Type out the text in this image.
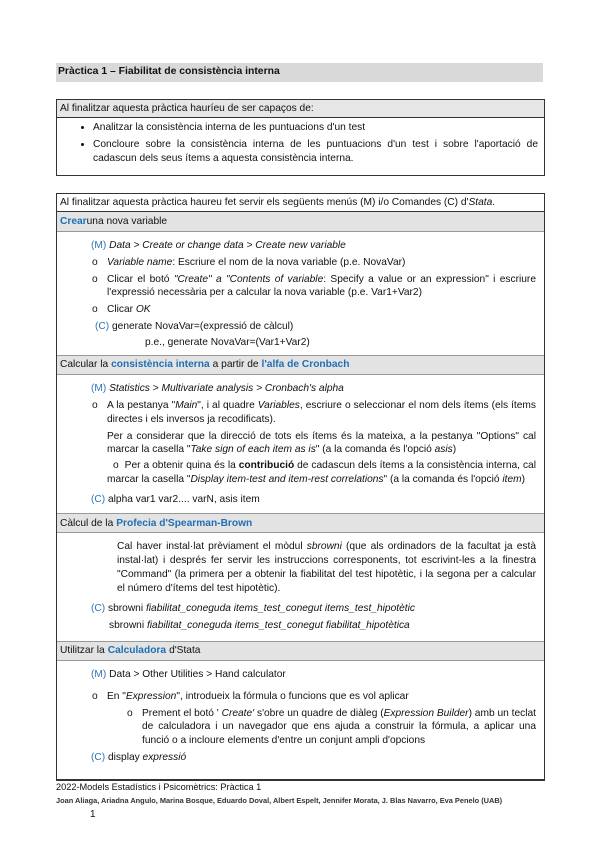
Pràctica 1 – Fiabilitat de consistència interna
Al finalitzar aquesta pràctica hauríeu de ser capaços de:
• Analitzar la consistència interna de les puntuacions d'un test
• Concloure sobre la consistència interna de les puntuacions d'un test i sobre l'aportació de cadascun dels seus ítems a aquesta consistència interna.
Al finalitzar aquesta pràctica haureu fet servir els següents menús (M) i/o Comandes (C) d' Stata .
Crear una nova variable
(M) Data > Create or change data > Create new variable
o Variable name: Escriure el nom de la nova variable (p.e. NovaVar)
o Clicar el botó "Create" a "Contents of variable: Specify a value or an expression" i escriure l'expressió necessària per a calcular la nova variable (p.e. Var1+Var2)
o Clicar OK
(C) generate NovaVar=(expressió de càlcul)
p.e., generate NovaVar=(Var1+Var2)
Calcular la consistència interna a partir de l'alfa de Cronbach
(M) Statistics > Multivariate analysis > Cronbach's alpha
o A la pestanya "Main", i al quadre Variables, escriure o seleccionar el nom dels ítems (els ítems directes i els inversos ja recodificats).
Per a considerar que la direcció de tots els ítems és la mateixa, a la pestanya "Options" cal marcar la casella "Take sign of each item as is" (a la comanda és l'opció asis)
o Per a obtenir quina és la contribució de cadascun dels ítems a la consistència interna, cal marcar la casella "Display item-test and item-rest correlations" (a la comanda és l'opció item)
(C) alpha var1 var2.... varN, asis item
Càlcul de la Profecia d'Spearman-Brown
Cal haver instal·lat prèviament el mòdul sbrowni (que als ordinadors de la facultat ja està instal·lat) i després fer servir les instruccions corresponents, tot escrivint-les a la finestra "Command" (la primera per a obtenir la fiabilitat del test hipotètic, i la segona per a calcular el número d'ítems del test hipotètic).
(C) sbrowni fiabilitat_coneguda items_test_conegut items_test_hipotètic
sbrowni fiabilitat_coneguda items_test_conegut fiabilitat_hipotètica
Utilitzar la Calculadora d'Stata
(M) Data > Other Utilities > Hand calculator
o En "Expression", introdueix la fórmula o funcions que es vol aplicar
o Prement el botó ' Create' s'obre un quadre de diàleg (Expression Builder) amb un teclat de calculadora i un navegador que ens ajuda a construir la fórmula, a aplicar una funció o a incloure elements d'entre un conjunt ampli d'opcions
(C) display expressió
2022-Models Estadístics i Psicomètrics: Pràctica 1
Joan Aliaga, Ariadna Angulo, Marina Bosque, Eduardo Doval, Albert Espelt, Jennifer Morata, J. Blas Navarro, Eva Penelo (UAB)
1
